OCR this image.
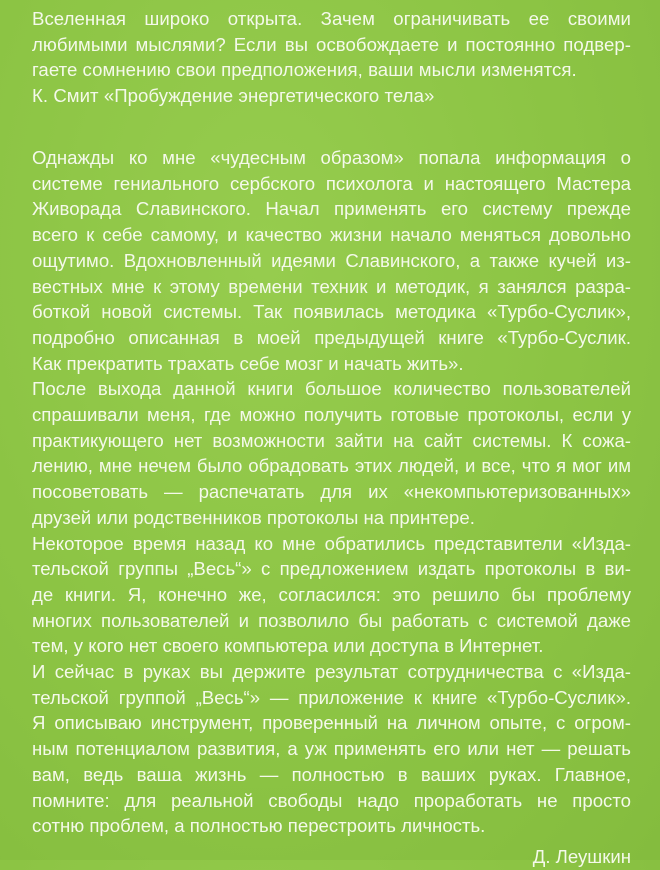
Вселенная широко открыта. Зачем ограничивать ее своими
любимыми мыслями? Если вы освобождаете и постоянно подвер-
гаете сомнению свои предположения, ваши мысли изменятся.

К. Смит «Пробуждение энергетического тела»

Однажды ко мне «чудесным образом» попала информация о
системе гениального сербского психолога и настоящего Мастера
Живорада Славинского. Начал применять его систему прежде
всего к себе самому, и качество жизни начало меняться довольно
ощутимо. Вдохновленный идеями Славинского, а также кучей из-
вестных мне к этому времени техник и методик, я занялся разра-
боткой новой системы. Так появилась методика «Турбо-Суслик»,
подробно описанная в моей предыдущей книге «Турбо-Суслик.
Как прекратить трахать себе мозг и начать жить».

После выхода данной книги большое количество пользователей
спрашивали меня, где можно получить готовые протоколы, если у
практикующего нет возможности зайти на сайт системы. К сожа-
лению, мне нечем было обрадовать этих людей, и все, что я мог им
посоветовать — распечатать для их «некомпьютеризованных»
друзей или родственников протоколы на принтере.

Некоторое время назад ко мне обратились представители «Изда-
тельской группы „Весь“» с предложением издать протоколы в ви-
де книги. Я, конечно же, согласился: это решило бы проблему
многих пользователей и позволило бы работать с системой даже
тем, у кого нет своего компьютера или доступа в Интернет.

И сейчас в руках вы держите результат сотрудничества с «Изда-
тельской группой „Весь“» — приложение к книге «Турбо-Суслик».
Я описываю инструмент, проверенный на личном опыте, с огром-
ным потенциалом развития, а уж применять его или нет — решать
вам, ведь ваша жизнь — полностью в ваших руках. Главное,
помните: для реальной свободы надо проработать не просто
сотню проблем, а полностью перестроить личность.

Д. Леушкин
